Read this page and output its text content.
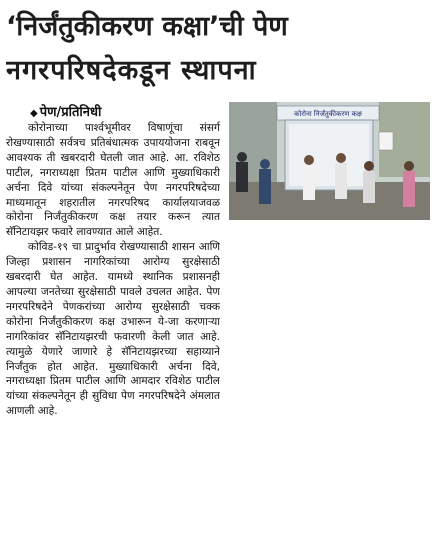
‘निर्जंतुकीकरण कक्षा’ची पेण
नगरपरिषदेकडून स्थापना
◆ पेण/प्रतिनिधी	कोरोना निर्जंतुकीकरण कक्ष

कोरोनाच्या पार्श्वभूमीवर विषाणूंचा संसर्ग रोखण्यासाठी सर्वत्रच प्रतिबंधात्मक उपाययोजना राबवून आवश्यक ती खबरदारी घेतली जात आहे. आ. रविशेठ पाटील, नगराध्यक्षा प्रितम पाटील आणि मुख्याधिकारी अर्चना दिवे यांच्या संकल्पनेतून पेण नगरपरिषदेच्या माध्यमातून शहरातील नगरपरिषद कार्यालयाजवळ कोरोना निर्जंतुकीकरण कक्ष तयार करून त्यात सॅनिटायझर फवारे लावण्यात आले आहेत.

कोविड-१९ चा प्रादुर्भाव रोखण्यासाठी शासन आणि जिल्हा प्रशासन नागरिकांच्या आरोग्य सुरक्षेसाठी खबरदारी घेत आहेत. यामध्ये स्थानिक प्रशासनही आपल्या जनतेच्या सुरक्षेसाठी पावले उचलत आहेत. पेण नगरपरिषदेने पेणकरांच्या आरोग्य सुरक्षेसाठी चक्क कोरोना निर्जंतुकीकरण कक्ष उभारून ये-जा करणाऱ्या नागरिकांवर सॅनिटायझरची फवारणी केली जात आहे. त्यामुळे येणारे जाणारे हे सॅनिटायझरच्या सहाय्याने निर्जंतुक होत आहेत. मुख्याधिकारी अर्चना दिवे, नगराध्यक्षा प्रितम पाटील आणि आमदार रविशेठ पाटील यांच्या संकल्पनेतून ही सुविधा पेण नगरपरिषदेने अंमलात आणली आहे.
